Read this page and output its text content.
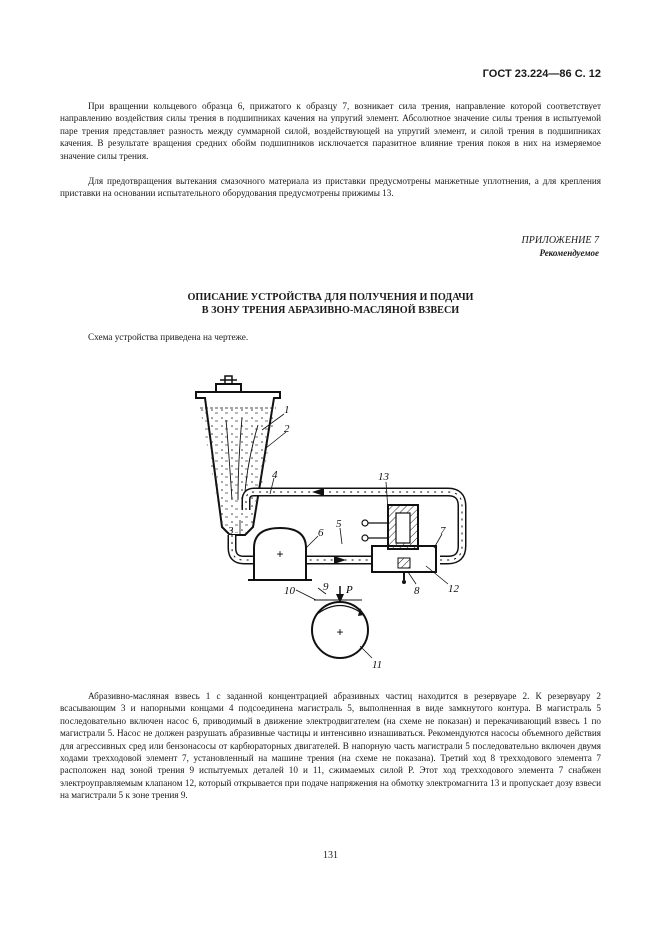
ГОСТ 23.224—86 С. 12

При вращении кольцевого образца 6, прижатого к образцу 7, возникает сила трения, направление которой соответствует направлению воздействия силы трения в подшипниках качения на упругий элемент. Абсолютное значение силы трения в испытуемой паре трения представляет разность между суммарной силой, воздействующей на упругий элемент, и силой трения в подшипниках качения. В результате вращения средних обойм подшипников исключается паразитное влияние трения покоя в них на измеряемое значение силы трения.

Для предотвращения вытекания смазочного материала из приставки предусмотрены манжетные уплотнения, а для крепления приставки на основании испытательного оборудования предусмотрены прижимы 13.

ПРИЛОЖЕНИЕ 7
Рекомендуемое
ОПИСАНИЕ УСТРОЙСТВА ДЛЯ ПОЛУЧЕНИЯ И ПОДАЧИ
В ЗОНУ ТРЕНИЯ АБРАЗИВНО-МАСЛЯНОЙ ВЗВЕСИ
Схема устройства приведена на чертеже.
+
+
P
1
2
3
4
5
6	7
8
9
10
11
12
13

Абразивно-масляная взвесь 1 с заданной концентрацией абразивных частиц находится в резервуаре 2. К резервуару 2 всасывающим 3 и напорными концами 4 подсоединена магистраль 5, выполненная в виде замкнутого контура. В магистраль 5 последовательно включен насос 6, приводимый в движение электродвигателем (на схеме не показан) и перекачивающий взвесь 1 по магистрали 5. Насос не должен разрушать абразивные частицы и интенсивно изнашиваться. Рекомендуются насосы объемного действия для агрессивных сред или бензонасосы от карбюраторных двигателей. В напорную часть магистрали 5 последовательно включен двумя ходами трехходовой элемент 7, установленный на машине трения (на схеме не показана). Третий ход 8 трехходового элемента 7 расположен над зоной трения 9 испытуемых деталей 10 и 11, сжимаемых силой P. Этот ход трехходового элемента 7 снабжен электроуправляемым клапаном 12, который открывается при подаче напряжения на обмотку электромагнита 13 и пропускает дозу взвеси на магистрали 5 к зоне трения 9.

131
